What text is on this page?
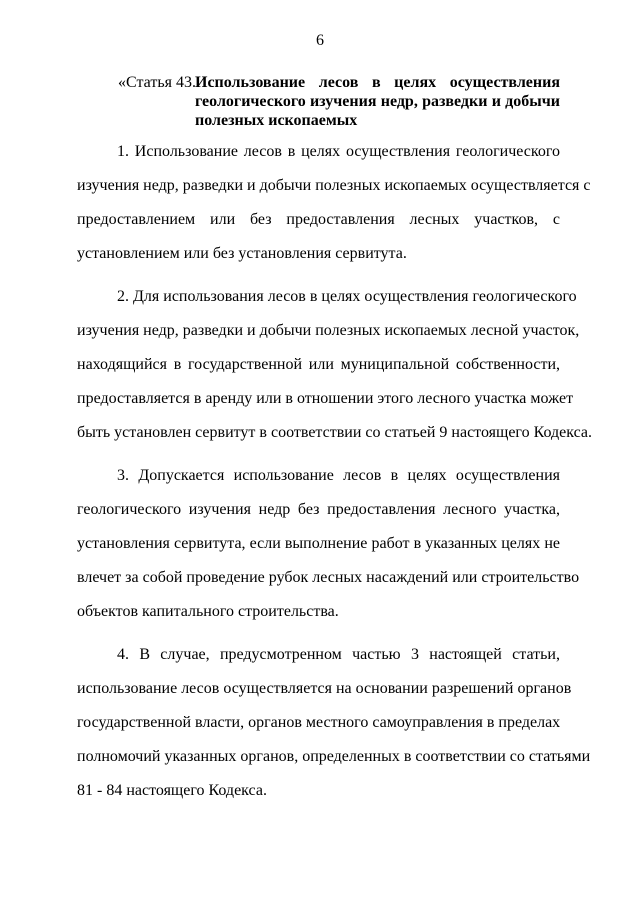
6
«Статья 43. Использование лесов в целях осуществления
геологического изучения недр, разведки и добычи
полезных ископаемых
1. Использование лесов в целях осуществления геологического
изучения недр, разведки и добычи полезных ископаемых осуществляется с
предоставлением или без предоставления лесных участков, с
установлением или без установления сервитута.
2. Для использования лесов в целях осуществления геологического
изучения недр, разведки и добычи полезных ископаемых лесной участок,
находящийся в государственной или муниципальной собственности,
предоставляется в аренду или в отношении этого лесного участка может
быть установлен сервитут в соответствии со статьей 9 настоящего Кодекса.
3. Допускается использование лесов в целях осуществления
геологического изучения недр без предоставления лесного участка,
установления сервитута, если выполнение работ в указанных целях не
влечет за собой проведение рубок лесных насаждений или строительство
объектов капитального строительства.
4. В случае, предусмотренном частью 3 настоящей статьи,
использование лесов осуществляется на основании разрешений органов
государственной власти, органов местного самоуправления в пределах
полномочий указанных органов, определенных в соответствии со статьями
81 - 84 настоящего Кодекса.
